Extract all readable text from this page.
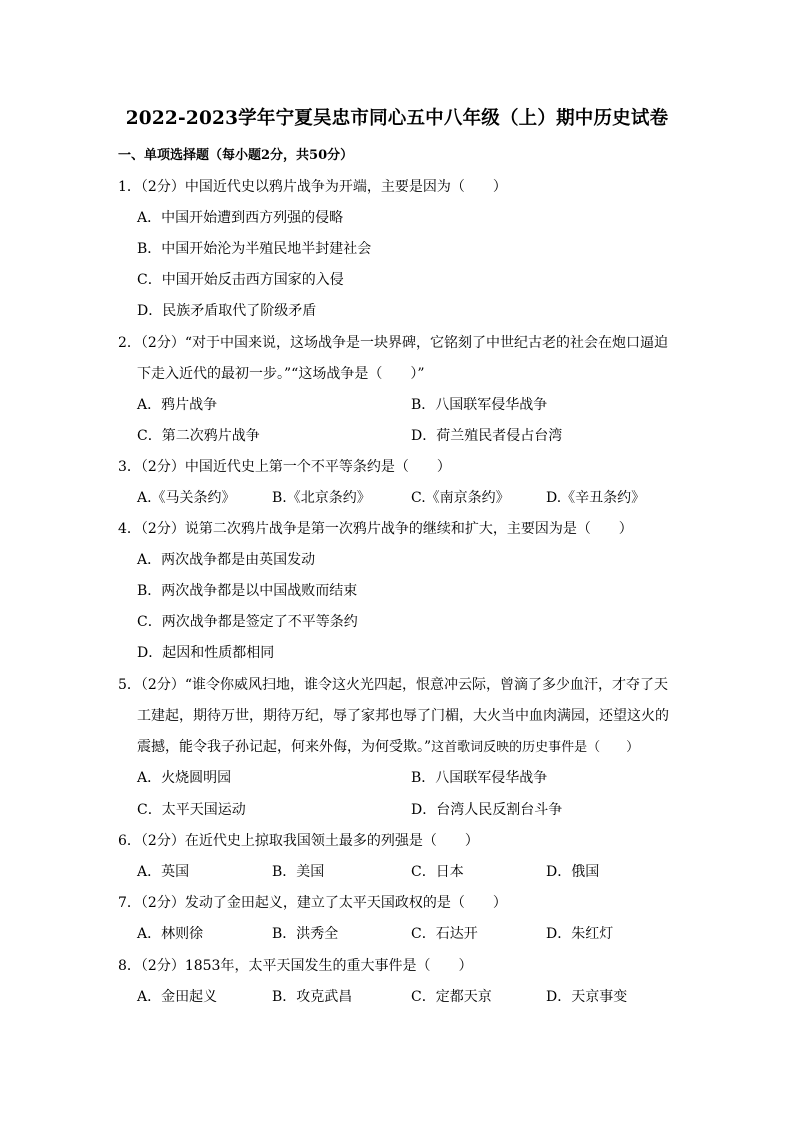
2022-2023学年宁夏吴忠市同心五中八年级（上）期中历史试卷
一、单项选择题（每小题2分，共50分）
1．（2分）中国近代史以鸦片战争为开端，主要是因为（　　）
A．中国开始遭到西方列强的侵略
B．中国开始沦为半殖民地半封建社会
C．中国开始反击西方国家的入侵
D．民族矛盾取代了阶级矛盾
2．（2分）“对于中国来说，这场战争是一块界碑，它铭刻了中世纪古老的社会在炮口逼迫
下走入近代的最初一步。”“这场战争是（　　）”
A．鸦片战争	B．八国联军侵华战争
C．第二次鸦片战争	D．荷兰殖民者侵占台湾
3．（2分）中国近代史上第一个不平等条约是（　　）
A.《马关条约》	B.《北京条约》	C.《南京条约》	D.《辛丑条约》
4．（2分）说第二次鸦片战争是第一次鸦片战争的继续和扩大，主要因为是（　　）
A．两次战争都是由英国发动
B．两次战争都是以中国战败而结束
C．两次战争都是签定了不平等条约
D．起因和性质都相同
5．（2分）“谁令你威风扫地，谁令这火光四起，恨意冲云际，曾滴了多少血汗，才夺了天
工建起，期待万世，期待万纪，辱了家邦也辱了门楣，大火当中血肉满园，还望这火的
震撼，能令我子孙记起，何来外侮，为何受欺。”这首歌词反映的历史事件是（　　）
A．火烧圆明园	B．八国联军侵华战争
C．太平天国运动	D．台湾人民反割台斗争
6．（2分）在近代史上掠取我国领土最多的列强是（　　）
A．英国	B．美国	C．日本	D．俄国
7．（2分）发动了金田起义，建立了太平天国政权的是（　　）
A．林则徐	B．洪秀全	C．石达开	D．朱红灯
8．（2分）1853年，太平天国发生的重大事件是（　　）
A．金田起义	B．攻克武昌	C．定都天京	D．天京事变
